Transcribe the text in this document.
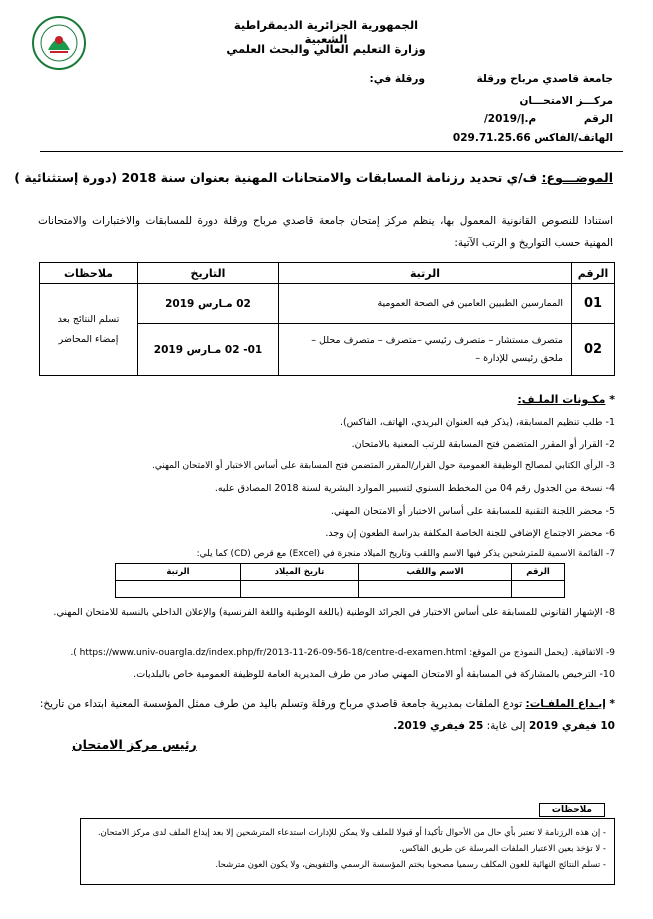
الجمهورية الجزائرية الديمقراطية الشعبية
وزارة التعليم العالي والبحث العلمي
جامعة قاصدي مرباح ورقلة
ورقلة في:
مركـــز الامتحـــان
الرقم /م.إ/2019
الهاتف/الفاكس 029.71.25.66
الموضـــوع: ف/ي تحديد رزنامة المسابقات والامتحانات المهنية بعنوان سنة 2018 (دورة إستثنائية )
استنادا للنصوص القانونية المعمول بها، ينظم مركز إمتحان جامعة قاصدي مرباح ورقلة دورة للمسابقات والاختبارات والامتحانات المهنية حسب التواريخ و الرتب الآتية:
الرقم	الرتبة	التاريخ	ملاحظات
01	الممارسين الطبيين العامين في الصحة العمومية	02 مـارس 2019	تسلم النتائج بعد إمضاء المحاضر
02	متصرف مستشار – متصرف رئيسي –متصرف – متصرف محلل – ملحق رئيسي للإدارة –	01- 02 مـارس 2019	
* مكـونات الملـف:
1- طلب تنظيم المسابقة، (يذكر فيه العنوان البريدي، الهاتف، الفاكس).
2- القرار أو المقرر المتضمن فتح المسابقة للرتب المعنية بالامتحان.
3- الرأي الكتابي لمصالح الوظيفة العمومية حول القرار/المقرر المتضمن فتح المسابقة على أساس الاختبار أو الامتحان المهني.
4- نسخة من الجدول رقم 04 من المخطط السنوي لتسيير الموارد البشرية لسنة 2018 المصادق عليه.
5- محضر اللجنة التقنية للمسابقة على أساس الاختبار أو الامتحان المهني.
6- محضر الاجتماع الإضافي للجنة الخاصة المكلفة بدراسة الطعون إن وجد.
7- القائمة الاسمية للمترشحين يذكر فيها الاسم واللقب وتاريخ الميلاد منجزة في (Excel) مع قرص (CD) كما يلي:
الرقم	الاسم واللقب	تاريخ الميلاد	الرتبة

8- الإشهار القانوني للمسابقة على أساس الاختبار في الجرائد الوطنية (باللغة الوطنية واللغة الفرنسية) والإعلان الداخلي بالنسبة للامتحان المهني.
9- الاتفاقية. (يحمل النموذج من الموقع: https://www.univ-ouargla.dz/index.php/fr/2013-11-26-09-56-18/centre-d-examen.html ).
10- الترخيص بالمشاركة في المسابقة أو الامتحان المهني صادر من طرف المديرية العامة للوظيفة العمومية خاص بالبلديات.
* إيـداع الملفـات: تودع الملفات بمديرية جامعة قاصدي مرباح ورقلة وتسلم باليد من طرف ممثل المؤسسة المعنية ابتداء من تاريخ: 10 فيفري 2019 إلى غاية: 25 فيفري 2019.
رئيس مركز الامتحان
- إن هذه الرزنامة لا تعتبر بأي حال من الأحوال تأكيدا أو قبولا للملف ولا يمكن للإدارات استدعاء المترشحين إلا بعد إيداع الملف لدى مركز الامتحان.
- لا تؤخذ بعين الاعتبار الملفات المرسلة عن طريق الفاكس.
- تسلم النتائج النهائية للعون المكلف رسميا مصحوبا بختم المؤسسة الرسمي والتفويض، ولا يكون العون مترشحا.
ملاحظات
